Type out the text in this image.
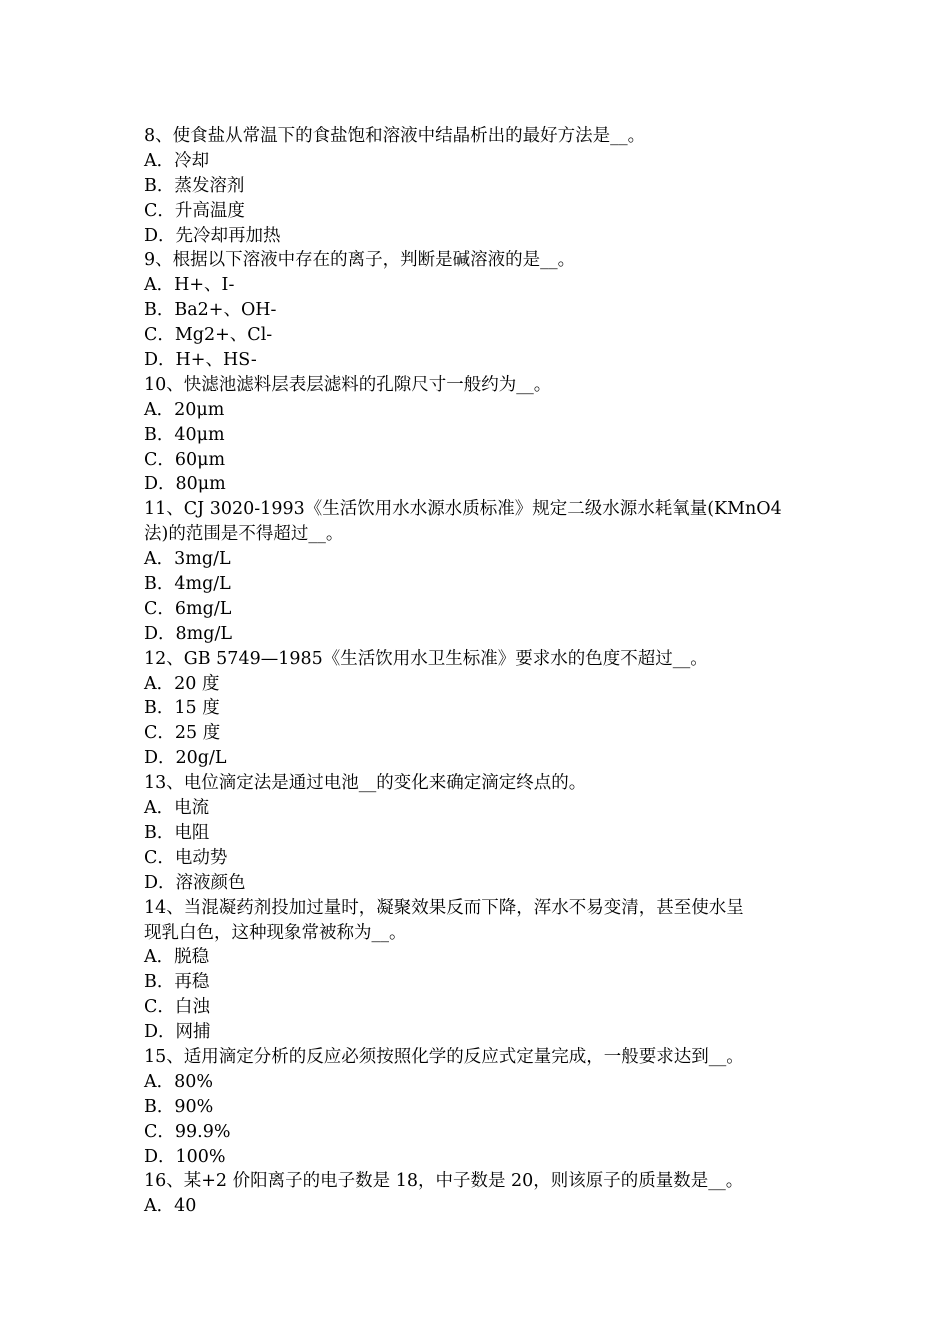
8、使食盐从常温下的食盐饱和溶液中结晶析出的最好方法是__。
A．冷却
B．蒸发溶剂
C．升高温度
D．先冷却再加热
9、根据以下溶液中存在的离子，判断是碱溶液的是__。
A．H+、I-
B．Ba2+、OH-
C．Mg2+、Cl-
D．H+、HS-
10、快滤池滤料层表层滤料的孔隙尺寸一般约为__。
A．20μm
B．40μm
C．60μm
D．80μm
11、CJ 3020-1993《生活饮用水水源水质标准》规定二级水源水耗氧量(KMnO4
法)的范围是不得超过__。
A．3mg/L
B．4mg/L
C．6mg/L
D．8mg/L
12、GB 5749—1985《生活饮用水卫生标准》要求水的色度不超过__。
A．20 度
B．15 度
C．25 度
D．20g/L
13、电位滴定法是通过电池__的变化来确定滴定终点的。
A．电流
B．电阻
C．电动势
D．溶液颜色
14、当混凝药剂投加过量时，凝聚效果反而下降，浑水不易变清，甚至使水呈
现乳白色，这种现象常被称为__。
A．脱稳
B．再稳
C．白浊
D．网捕
15、适用滴定分析的反应必须按照化学的反应式定量完成，一般要求达到__。
A．80%
B．90%
C．99.9%
D．100%
16、某+2 价阳离子的电子数是 18，中子数是 20，则该原子的质量数是__。
A．40
